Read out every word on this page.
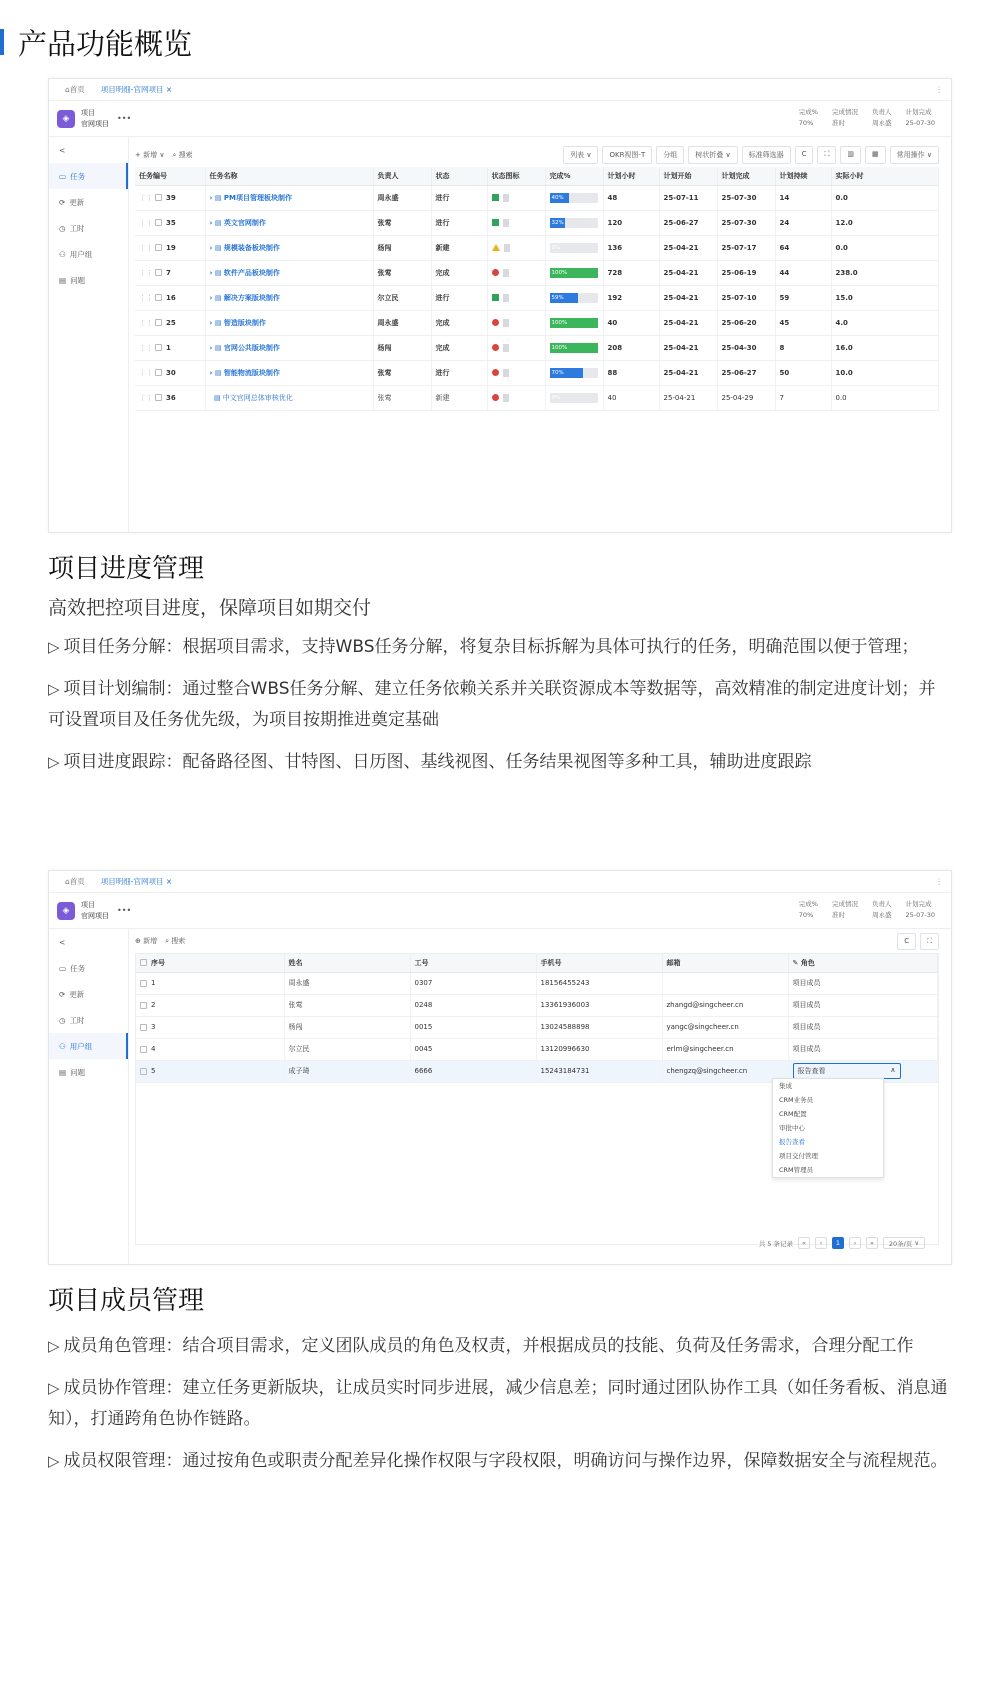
产品功能概览
⌂ 首页 项目明细-官网项目
×	⋮
◈
项目
官网项目
•••
完成%
70%
完成情况
准时
负责人
周永盛
计划完成
25-07-30
<
▭ 任务
⟳ 更新
◷ 工时
⚇ 用户组
▤ 问题
+ 新增 ∨ ⌕ 搜索	列表 ∨	OKR视图-T	分组	树状折叠 ∨	标准筛选器	C	⛶	▥	▦	常用操作 ∨
任务编号	任务名称	负责人	状态	状态图标	完成%	计划小时	计划开始	计划完成	计划持续	实际小时
⋮⋮ 39	› ▤ PM项目管理板块制作	周永盛	进行		40%	48	25-07-11	25-07-30	14	0.0
⋮⋮ 35	› ▤ 英文官网制作	张莺	进行		32%	120	25-06-27	25-07-30	24	12.0
⋮⋮ 19	› ▤ 规模装备板块制作	杨闯	新建		0%	136	25-04-21	25-07-17	64	0.0
⋮⋮ 7	› ▤ 软件产品板块制作	张莺	完成		100%	728	25-04-21	25-06-19	44	238.0
⋮⋮ 16	› ▤ 解决方案版块制作	尔立民	进行		59%	192	25-04-21	25-07-10	59	15.0
⋮⋮ 25	› ▤ 智造版块制作	周永盛	完成		100%	40	25-04-21	25-06-20	45	4.0
⋮⋮ 1	› ▤ 官网公共版块制作	杨闯	完成		100%	208	25-04-21	25-04-30	8	16.0
⋮⋮ 30	› ▤ 智能物流版块制作	张莺	进行		70%	88	25-04-21	25-06-27	50	10.0
⋮⋮ 36	▤ 中文官网总体审核优化	张莺	新建		0%	40	25-04-21	25-04-29	7	0.0
项目进度管理
高效把控项目进度，保障项目如期交付
▷ 项目任务分解：根据项目需求，支持WBS任务分解，将复杂目标拆解为具体可执行的任务，明确范围以便于管理；
▷ 项目计划编制：通过整合WBS任务分解、建立任务依赖关系并关联资源成本等数据等，高效精准的制定进度计划；并可设置项目及任务优先级，为项目按期推进奠定基础
▷ 项目进度跟踪：配备路径图、甘特图、日历图、基线视图、任务结果视图等多种工具，辅助进度跟踪
⌂ 首页 项目明细-官网项目
×	⋮
◈
项目
官网项目
•••
完成%
70%
完成情况
准时
负责人
周永盛
计划完成
25-07-30
<
▭ 任务
⟳ 更新
◷ 工时
⚇ 用户组
▤ 问题
⊕ 新增 ⌕ 搜索	C	⛶
序号	姓名	工号	手机号	邮箱	✎ 角色
1	周永盛	0307	18156455243		项目成员
2	张莺	0248	13361936003	zhangd@singcheer.cn	项目成员
3	杨闯	0015	13024588898	yangc@singcheer.cn	项目成员
4	尔立民	0045	13120996630	erlm@singcheer.cn	项目成员
5	成子琦	6666	15243184731	chengzq@singcheer.cn	报告查看 ∧
集成
CRM业务员
CRM配置
审批中心
报告查看
项目交付管理
CRM管理员
共 5 条记录	«	‹	1	›	»	20条/页 ∨
项目成员管理
▷ 成员角色管理：结合项目需求，定义团队成员的角色及权责，并根据成员的技能、负荷及任务需求，合理分配工作
▷ 成员协作管理：建立任务更新版块，让成员实时同步进展，减少信息差；同时通过团队协作工具（如任务看板、消息通知），打通跨角色协作链路。
▷ 成员权限管理：通过按角色或职责分配差异化操作权限与字段权限，明确访问与操作边界，保障数据安全与流程规范。
